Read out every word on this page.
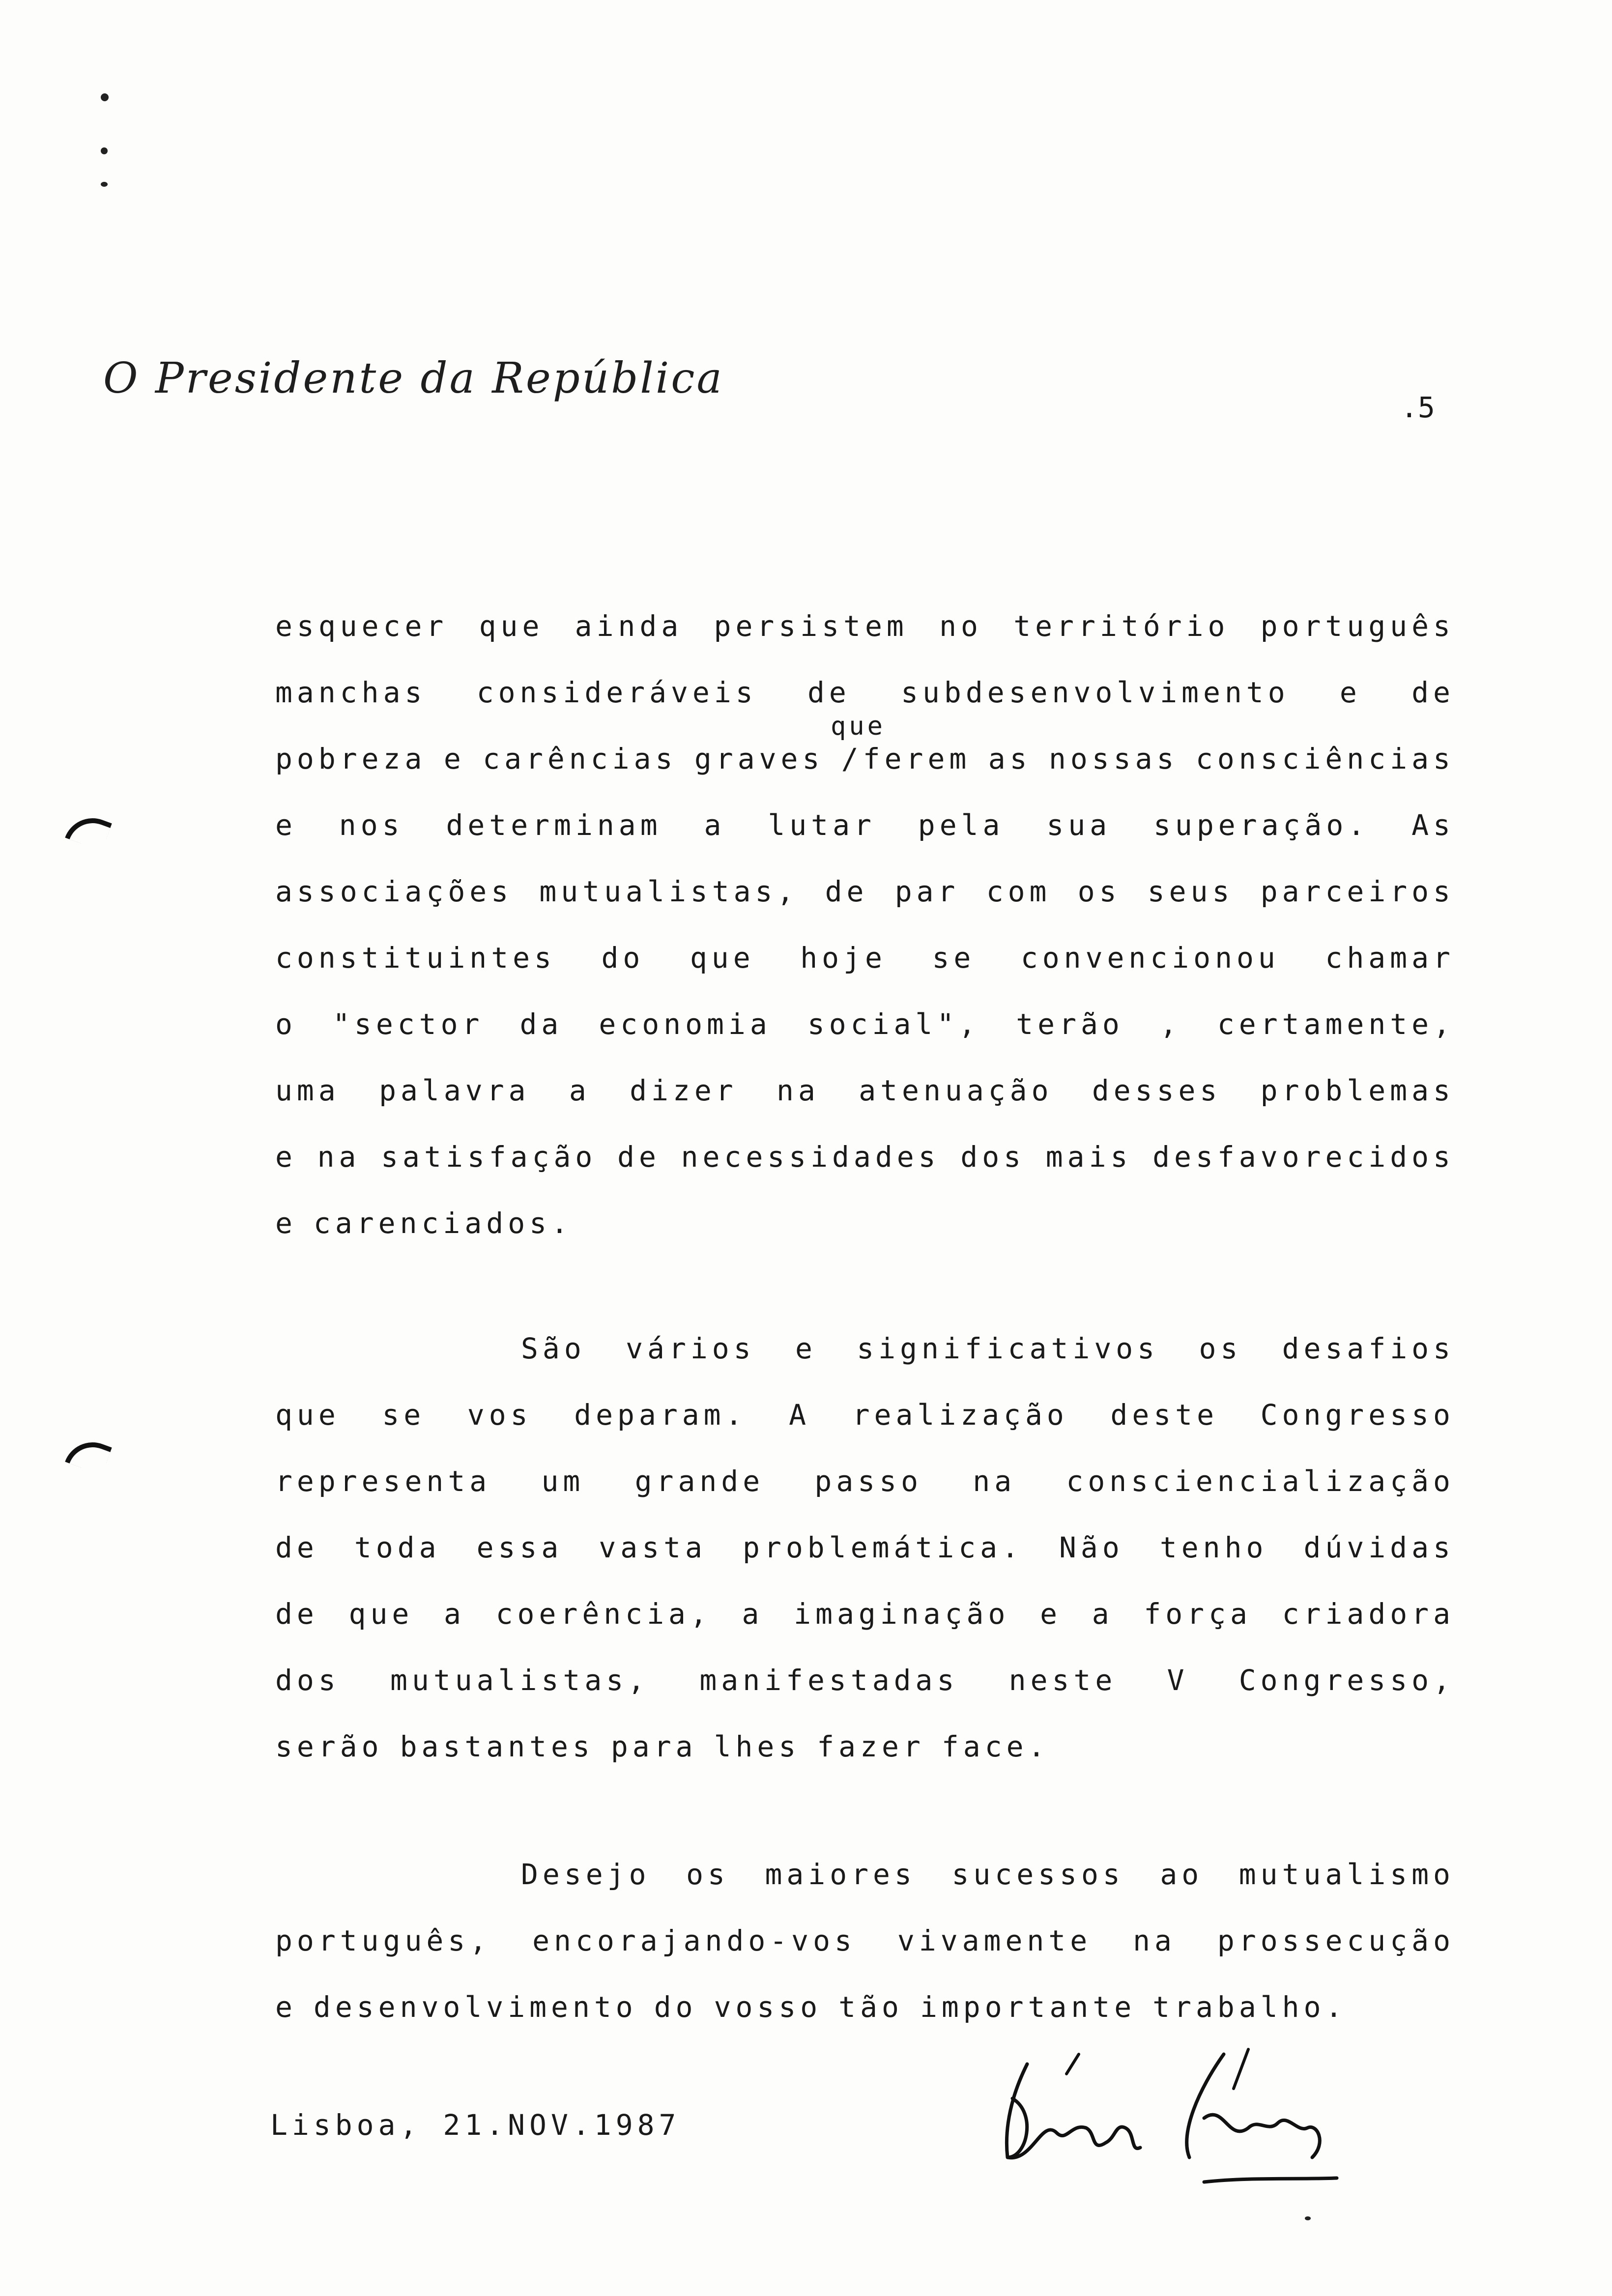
O Presidente da República
.5
que
esquecer que ainda persistem no território português
manchas consideráveis de subdesenvolvimento e de
pobreza e carências graves /ferem as nossas consciências
e nos determinam a lutar pela sua superação. As
associações mutualistas, de par com os seus parceiros
constituintes do que hoje se convencionou chamar
o "sector da economia social", terão , certamente,
uma palavra a dizer na atenuação desses problemas
e na satisfação de necessidades dos mais desfavorecidos
e carenciados.
São vários e significativos os desafios
que se vos deparam. A realização deste Congresso
representa um grande passo na consciencialização
de toda essa vasta problemática. Não tenho dúvidas
de que a coerência, a imaginação e a força criadora
dos mutualistas, manifestadas neste V Congresso,
serão bastantes para lhes fazer face.
Desejo os maiores sucessos ao mutualismo
português, encorajando-vos vivamente na prossecução
e desenvolvimento do vosso tão importante trabalho.
Lisboa, 21.NOV.1987
